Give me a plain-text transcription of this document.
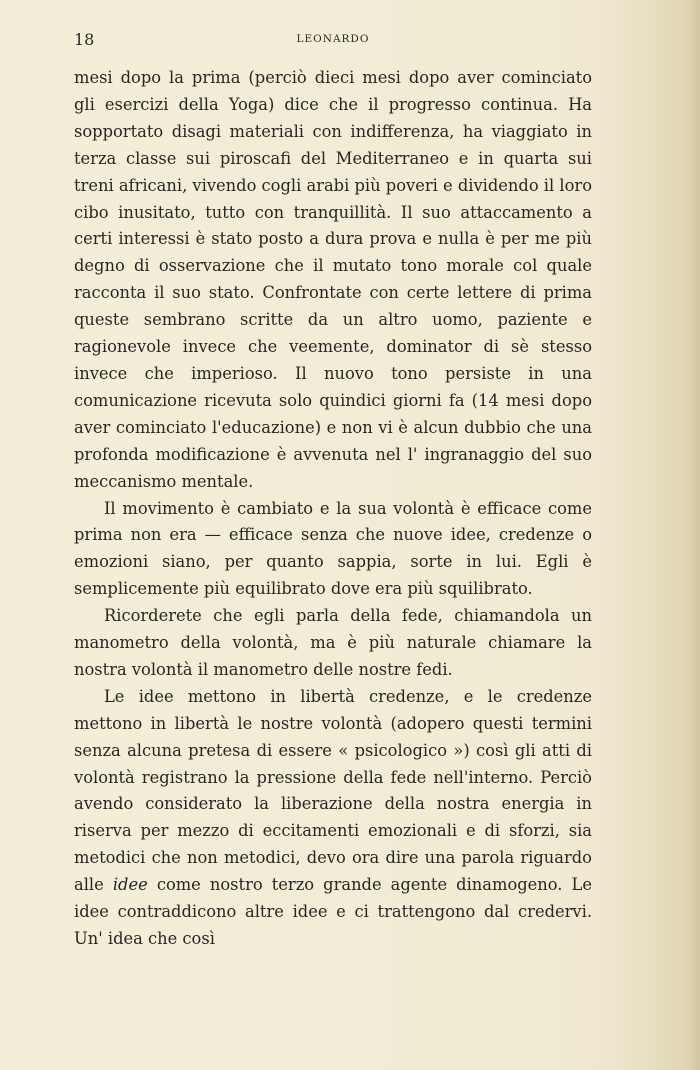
18	LEONARDO

mesi dopo la prima (perciò dieci mesi dopo aver cominciato gli esercizi della Yoga) dice che il progresso continua. Ha sopportato disagi materiali con indifferenza, ha viaggiato in terza classe sui piroscafi del Mediterraneo e in quarta sui treni africani, vivendo cogli arabi più poveri e dividendo il loro cibo inusitato, tutto con tranquillità. Il suo attaccamento a certi interessi è stato posto a dura prova e nulla è per me più degno di osservazione che il mutato tono morale col quale racconta il suo stato. Confrontate con certe lettere di prima queste sembrano scritte da un altro uomo, paziente e ragionevole invece che veemente, dominator di sè stesso invece che imperioso. Il nuovo tono persiste in una comunicazione ricevuta solo quindici giorni fa (14 mesi dopo aver cominciato l'educazione) e non vi è alcun dubbio che una profonda modificazione è avvenuta nel l' ingranaggio del suo meccanismo mentale.

Il movimento è cambiato e la sua volontà è efficace come prima non era — efficace senza che nuove idee, credenze o emozioni siano, per quanto sappia, sorte in lui. Egli è semplicemente più equilibrato dove era più squilibrato.

Ricorderete che egli parla della fede, chiamandola un manometro della volontà, ma è più naturale chiamare la nostra volontà il manometro delle nostre fedi.

Le idee mettono in libertà credenze, e le credenze mettono in libertà le nostre volontà (adopero questi termini senza alcuna pretesa di essere « psicologico ») così gli atti di volontà registrano la pressione della fede nell'interno. Perciò avendo considerato la liberazione della nostra energia in riserva per mezzo di eccitamenti emozionali e di sforzi, sia metodici che non metodici, devo ora dire una parola riguardo alle idee come nostro terzo grande agente dinamogeno. Le idee contraddicono altre idee e ci trattengono dal credervi. Un' idea che così
